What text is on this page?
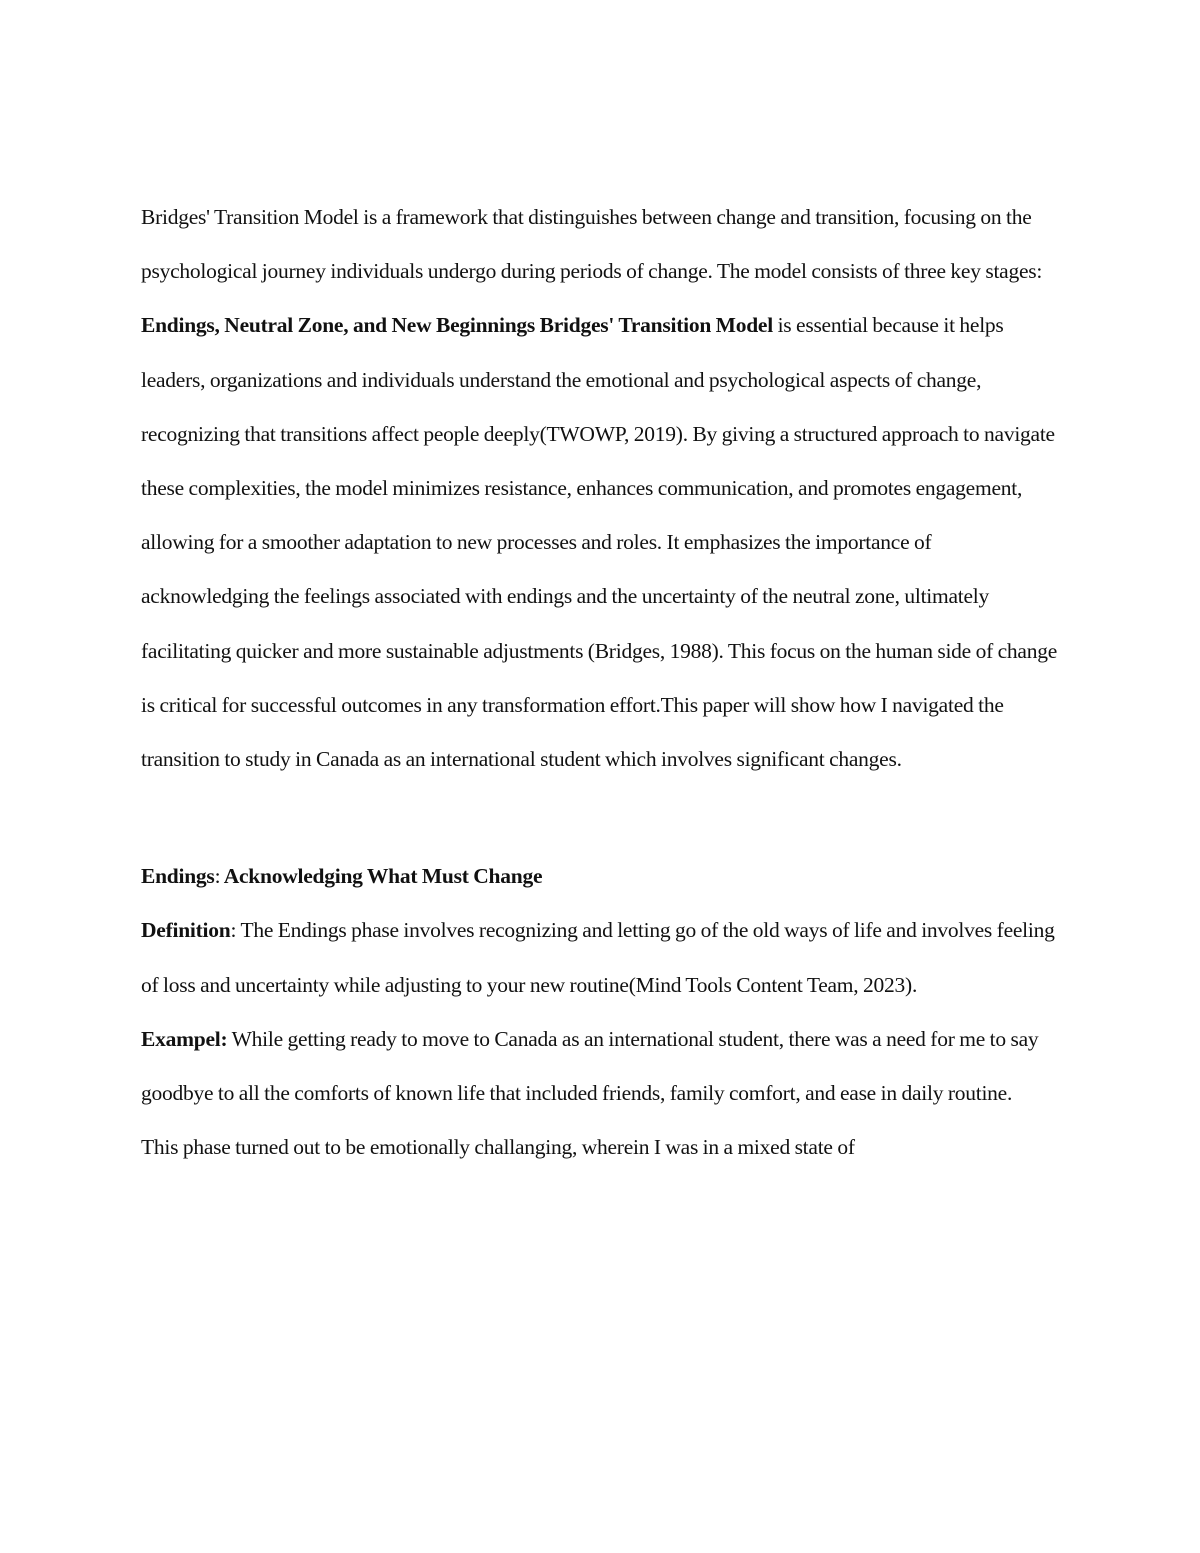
Bridges' Transition Model is a framework that distinguishes between change and transition, focusing on the psychological journey individuals undergo during periods of change. The model consists of three key stages: Endings, Neutral Zone, and New Beginnings Bridges' Transition Model is essential because it helps leaders, organizations and individuals understand the emotional and psychological aspects of change, recognizing that transitions affect people deeply(TWOWP, 2019). By giving a structured approach to navigate these complexities, the model minimizes resistance, enhances communication, and promotes engagement, allowing for a smoother adaptation to new processes and roles. It emphasizes the importance of acknowledging the feelings associated with endings and the uncertainty of the neutral zone, ultimately facilitating quicker and more sustainable adjustments (Bridges, 1988). This focus on the human side of change is critical for successful outcomes in any transformation effort.This paper will show how I navigated the transition to study in Canada as an international student which involves significant changes.

Endings: Acknowledging What Must Change

Definition: The Endings phase involves recognizing and letting go of the old ways of life and involves feeling of loss and uncertainty while adjusting to your new routine(Mind Tools Content Team, 2023).

Exampel: While getting ready to move to Canada as an international student, there was a need for me to say goodbye to all the comforts of known life that included friends, family comfort, and ease in daily routine.

This phase turned out to be emotionally challanging, wherein I was in a mixed state of
